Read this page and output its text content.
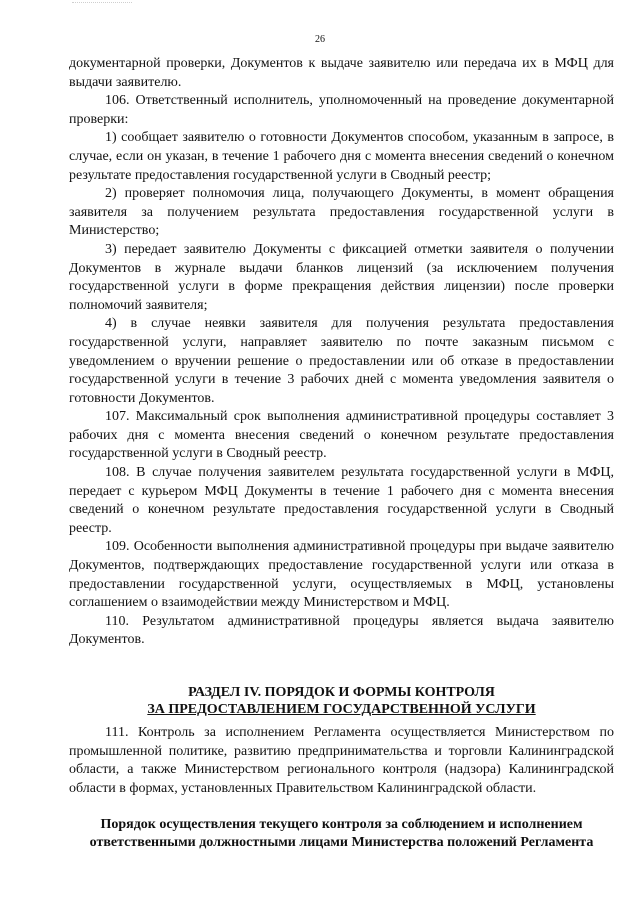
26

документарной проверки, Документов к выдаче заявителю или передача их в МФЦ для выдачи заявителю.

106. Ответственный исполнитель, уполномоченный на проведение документарной проверки:

1) сообщает заявителю о готовности Документов способом, указанным в запросе, в случае, если он указан, в течение 1 рабочего дня с момента внесения сведений о конечном результате предоставления государственной услуги в Сводный реестр;

2) проверяет полномочия лица, получающего Документы, в момент обращения заявителя за получением результата предоставления государственной услуги в Министерство;

3) передает заявителю Документы с фиксацией отметки заявителя о получении Документов в журнале выдачи бланков лицензий (за исключением получения государственной услуги в форме прекращения действия лицензии) после проверки полномочий заявителя;

4) в случае неявки заявителя для получения результата предоставления государственной услуги, направляет заявителю по почте заказным письмом с уведомлением о вручении решение о предоставлении или об отказе в предоставлении государственной услуги в течение 3 рабочих дней с момента уведомления заявителя о готовности Документов.

107. Максимальный срок выполнения административной процедуры составляет 3 рабочих дня с момента внесения сведений о конечном результате предоставления государственной услуги в Сводный реестр.

108. В случае получения заявителем результата государственной услуги в МФЦ, передает с курьером МФЦ Документы в течение 1 рабочего дня с момента внесения сведений о конечном результате предоставления государственной услуги в Сводный реестр.

109. Особенности выполнения административной процедуры при выдаче заявителю Документов, подтверждающих предоставление государственной услуги или отказа в предоставлении государственной услуги, осуществляемых в МФЦ, установлены соглашением о взаимодействии между Министерством и МФЦ.

110. Результатом административной процедуры является выдача заявителю Документов.

РАЗДЕЛ IV. ПОРЯДОК И ФОРМЫ КОНТРОЛЯ
ЗА ПРЕДОСТАВЛЕНИЕМ ГОСУДАРСТВЕННОЙ УСЛУГИ

111. Контроль за исполнением Регламента осуществляется Министерством по промышленной политике, развитию предпринимательства и торговли Калининградской области, а также Министерством регионального контроля (надзора) Калининградской области в формах, установленных Правительством Калининградской области.

Порядок осуществления текущего контроля за соблюдением и исполнением ответственными должностными лицами Министерства положений Регламента
